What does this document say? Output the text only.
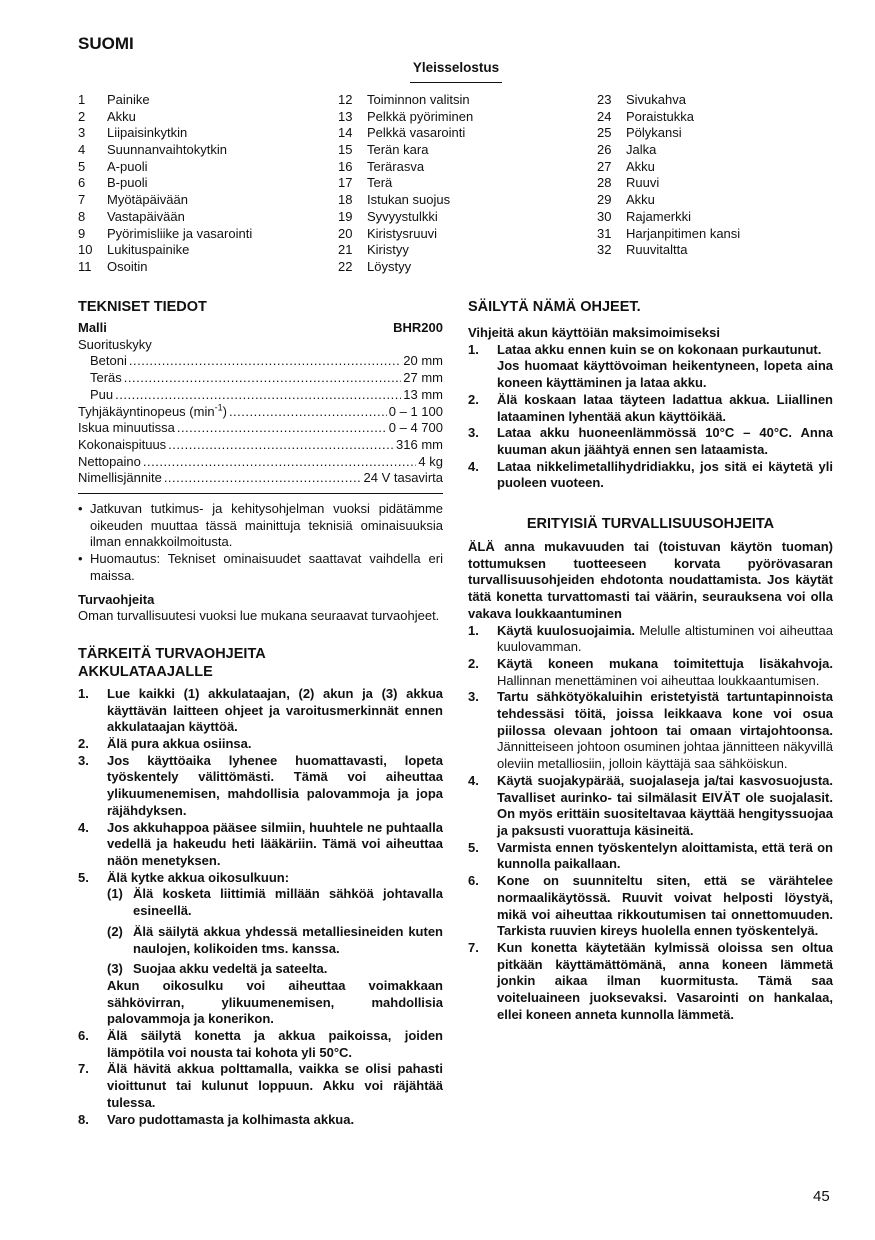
SUOMI
Yleisselostus
1	Painike
2	Akku
3	Liipaisinkytkin
4	Suunnanvaihtokytkin
5	A-puoli
6	B-puoli
7	Myötäpäivään
8	Vastapäivään
9	Pyörimisliike ja vasarointi
10	Lukituspainike
11	Osoitin
12	Toiminnon valitsin
13	Pelkkä pyöriminen
14	Pelkkä vasarointi
15	Terän kara
16	Terärasva
17	Terä
18	Istukan suojus
19	Syvyystulkki
20	Kiristysruuvi
21	Kiristyy
22	Löystyy
23	Sivukahva
24	Poraistukka
25	Pölykansi
26	Jalka
27	Akku
28	Ruuvi
29	Akku
30	Rajamerkki
31	Harjanpitimen kansi
32	Ruuvitaltta
TEKNISET TIEDOT
Malli	BHR200
Suorituskyky
Betoni .....	20 mm
Teräs .....	27 mm
Puu .....	13 mm
Tyhjäkäyntinopeus $(\min^{-1})$ .....	0 – 1 100
Iskua minuutissa .....	0 – 4 700
Kokonaispituus .....	316 mm
Nettopaino .....	4 kg
Nimellisjännite .....	24 V tasavirta
• Jatkuvan tutkimus- ja kehitysohjelman vuoksi pidätämme oikeuden muuttaa tässä mainittuja teknisiä ominaisuuksia ilman ennakkoilmoitusta.
• Huomautus: Tekniset ominaisuudet saattavat vaihdella eri maissa.
Turvaohjeita

Oman turvallisuutesi vuoksi lue mukana seuraavat turvaohjeet.

TÄRKEITÄ TURVAOHJEITA
AKKULATAAJALLE
1.	Lue kaikki (1) akkulataajan, (2) akun ja (3) akkua käyttävän laitteen ohjeet ja varoitusmerkinnät ennen akkulataajan käyttöä.
2.	Älä pura akkua osiinsa.
3.	Jos käyttöaika lyhenee huomattavasti, lopeta työskentely välittömästi. Tämä voi aiheuttaa ylikuumenemisen, mahdollisia palovammoja ja jopa räjähdyksen.
4.	Jos akkuhappoa pääsee silmiin, huuhtele ne puhtaalla vedellä ja hakeudu heti lääkäriin. Tämä voi aiheuttaa näön menetyksen.
5.	Älä kytke akkua oikosulkuun:
(1) Älä kosketa liittimiä millään sähköä johtavalla esineellä.
(2) Älä säilytä akkua yhdessä metalliesineiden kuten naulojen, kolikoiden tms. kanssa.
(3) Suojaa akku vedeltä ja sateelta.
Akun oikosulku voi aiheuttaa voimakkaan sähkövirran, ylikuumenemisen, mahdollisia palovammoja ja konerikon.
6.	Älä säilytä konetta ja akkua paikoissa, joiden lämpötila voi nousta tai kohota yli 50°C.
7.	Älä hävitä akkua polttamalla, vaikka se olisi pahasti vioittunut tai kulunut loppuun. Akku voi räjähtää tulessa.
8.	Varo pudottamasta ja kolhimasta akkua.
SÄILYTÄ NÄMÄ OHJEET.
Vihjeitä akun käyttöiän maksimoimiseksi
1.	Lataa akku ennen kuin se on kokonaan purkautunut.
Jos huomaat käyttövoiman heikentyneen, lopeta aina koneen käyttäminen ja lataa akku.
2.	Älä koskaan lataa täyteen ladattua akkua. Liiallinen lataaminen lyhentää akun käyttöikää.
3.	Lataa akku huoneenlämmössä 10°C – 40°C. Anna kuuman akun jäähtyä ennen sen lataamista.
4.	Lataa nikkelimetallihydridiakku, jos sitä ei käytetä yli puoleen vuoteen.
ERITYISIÄ TURVALLISUUSOHJEITA

ÄLÄ anna mukavuuden tai (toistuvan käytön tuoman) tottumuksen tuotteeseen korvata pyörövasaran turvallisuusohjeiden ehdotonta noudattamista. Jos käytät tätä konetta turvattomasti tai väärin, seurauksena voi olla vakava loukkaantuminen

1.	Käytä kuulosuojaimia. Melulle altistuminen voi aiheuttaa kuulovamman.
2.	Käytä koneen mukana toimitettuja lisäkahvoja. Hallinnan menettäminen voi aiheuttaa loukkaantumisen.
3.	Tartu sähkötyökaluihin eristetyistä tartuntapinnoista tehdessäsi töitä, joissa leikkaava kone voi osua piilossa olevaan johtoon tai omaan virtajohtoonsa. Jännitteiseen johtoon osuminen johtaa jännitteen näkyvillä oleviin metalliosiin, jolloin käyttäjä saa sähköiskun.
4.	Käytä suojakypärää, suojalaseja ja/tai kasvosuojusta. Tavalliset aurinko- tai silmälasit EIVÄT ole suojalasit. On myös erittäin suositeltavaa käyttää hengityssuojaa ja paksusti vuorattuja käsineitä.
5.	Varmista ennen työskentelyn aloittamista, että terä on kunnolla paikallaan.
6.	Kone on suunniteltu siten, että se värähtelee normaalikäytössä. Ruuvit voivat helposti löystyä, mikä voi aiheuttaa rikkoutumisen tai onnettomuuden. Tarkista ruuvien kireys huolella ennen työskentelyä.
7.	Kun konetta käytetään kylmissä oloissa sen oltua pitkään käyttämättömänä, anna koneen lämmetä jonkin aikaa ilman kuormitusta. Tämä saa voiteluaineen juoksevaksi. Vasarointi on hankalaa, ellei koneen anneta kunnolla lämmetä.
45
